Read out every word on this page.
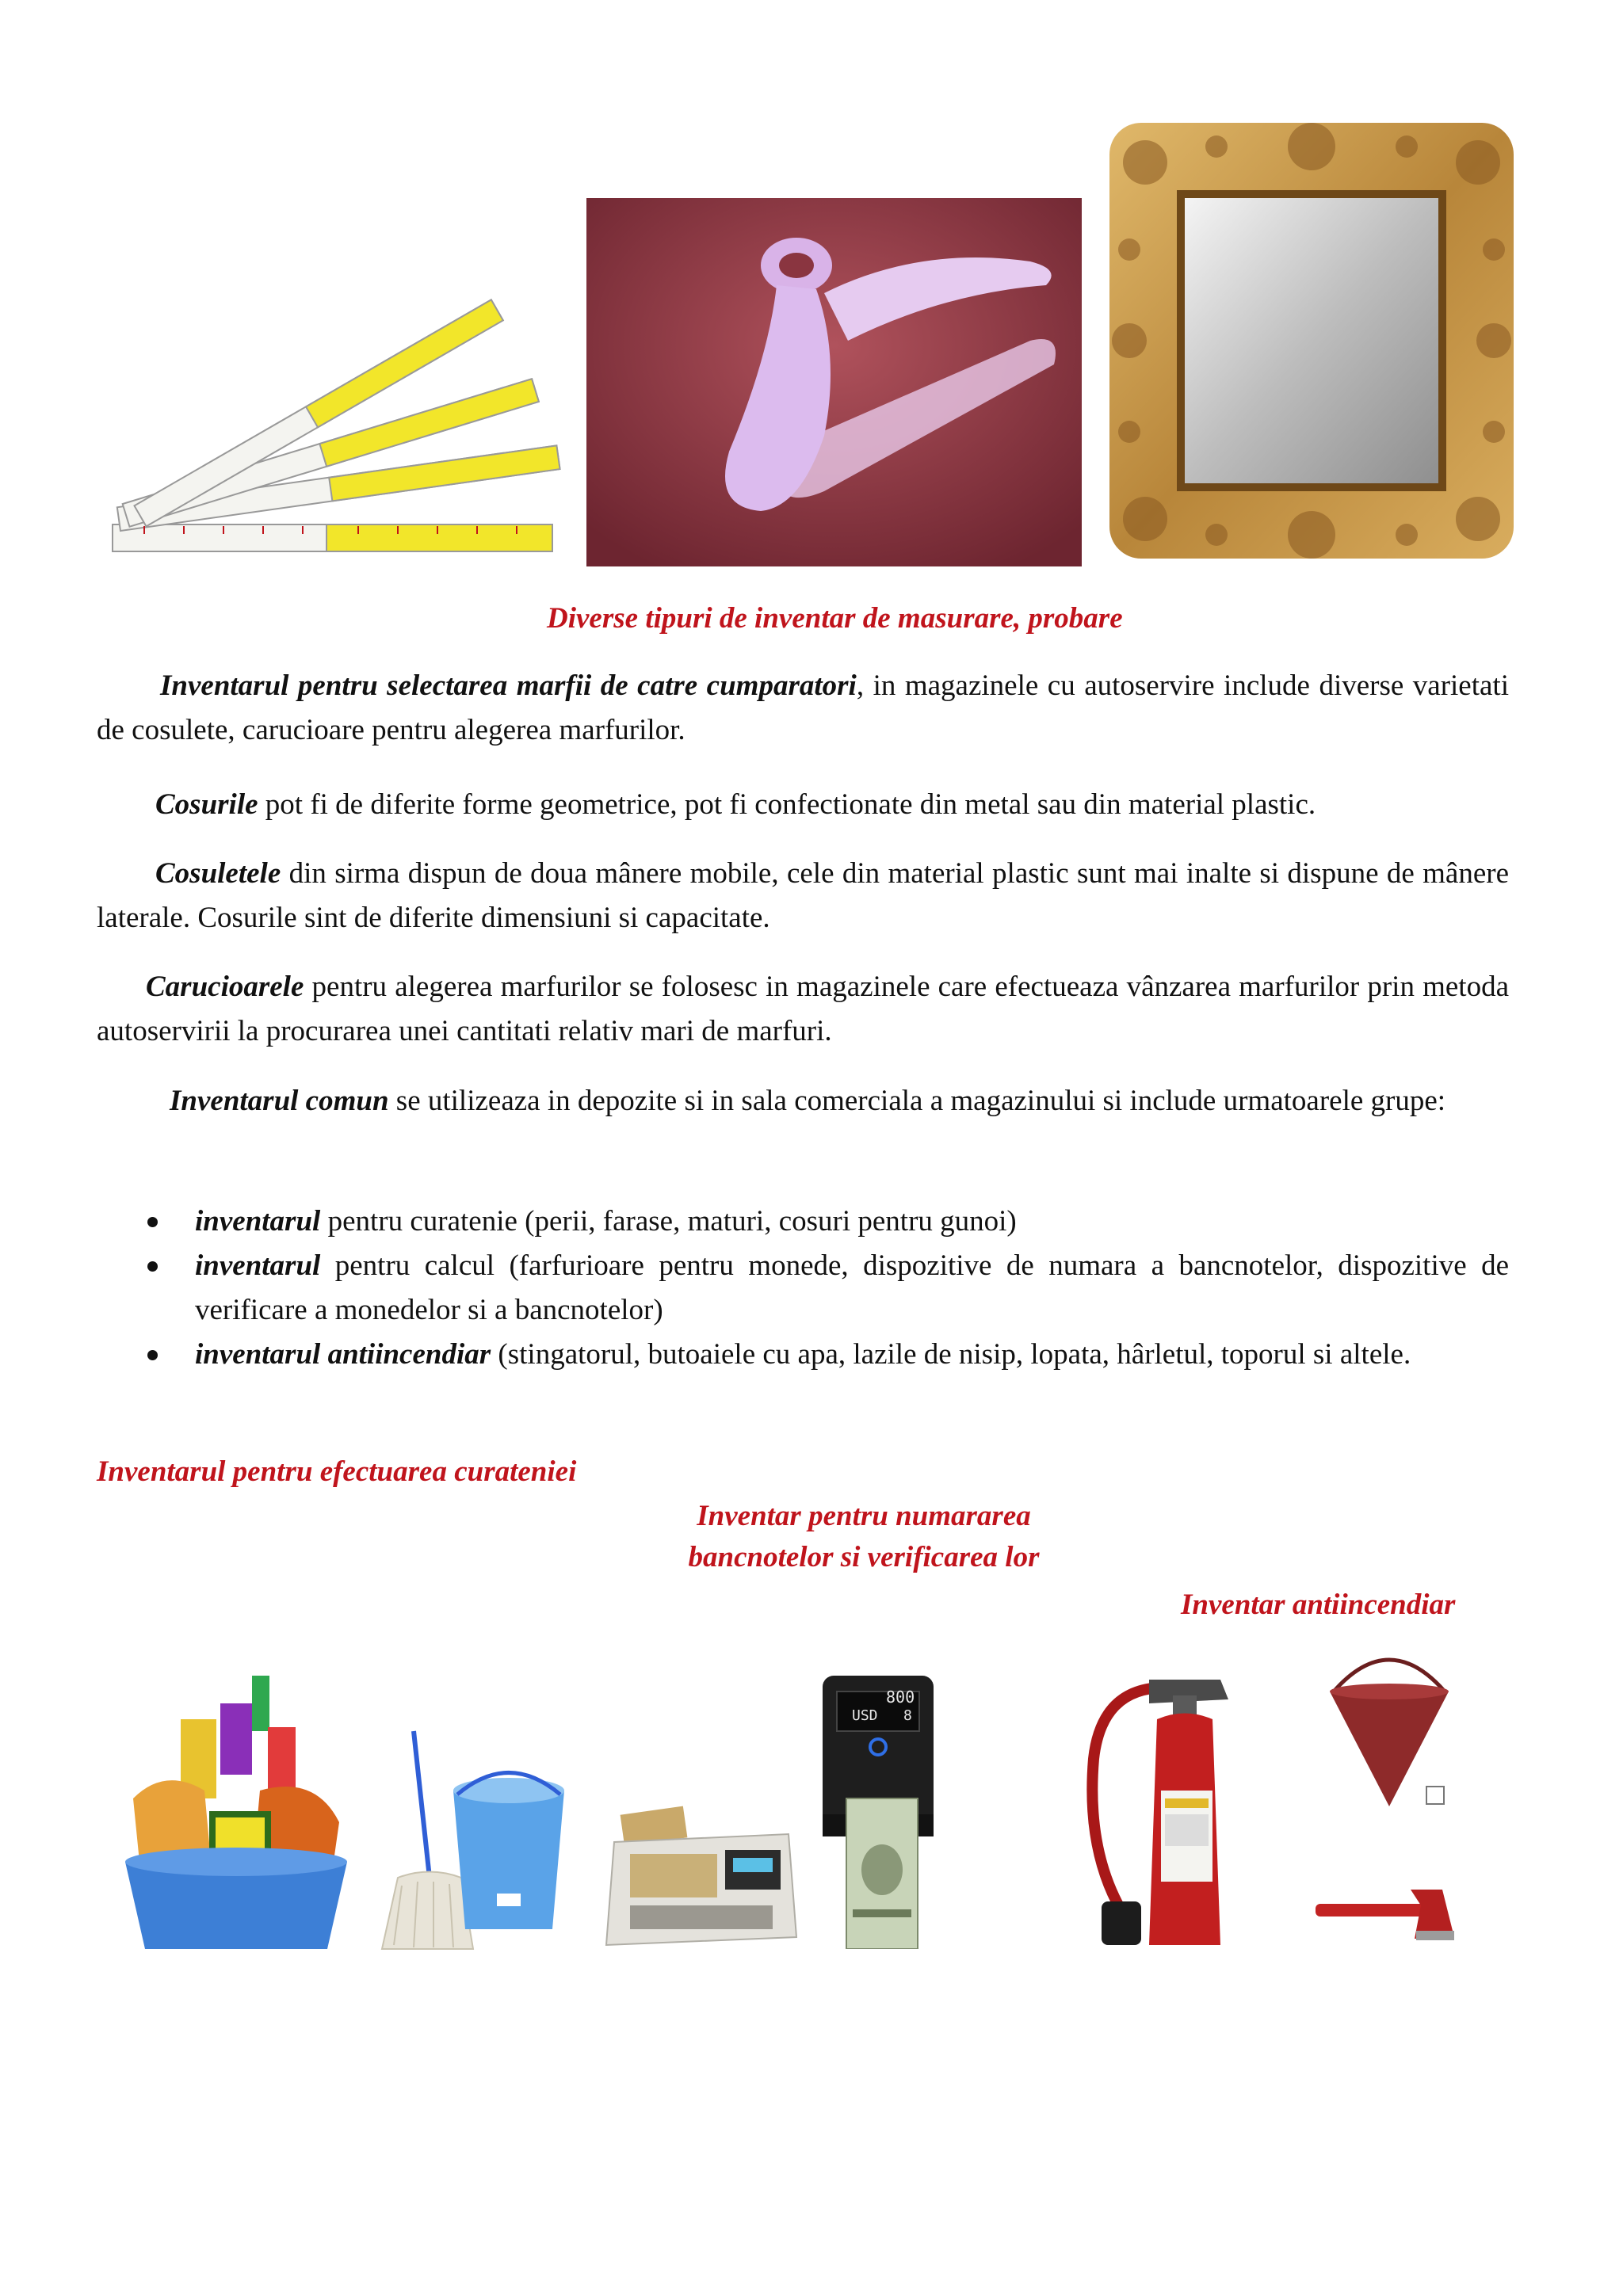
Diverse tipuri de inventar de masurare, probare

Inventarul pentru selectarea marfii de catre cumparatori, in magazinele cu autoservire include diverse varietati de cosulete, carucioare pentru alegerea marfurilor.

Cosurile pot fi de diferite forme geometrice, pot fi confectionate din metal sau din material plastic.

Cosuletele din sirma dispun de doua mânere mobile, cele din material plastic sunt mai inalte si dispune de mânere laterale. Cosurile sint de diferite dimensiuni si capacitate.

Carucioarele pentru alegerea marfurilor se folosesc in magazinele care efectueaza vânzarea marfurilor prin metoda autoservirii la procurarea unei cantitati relativ mari de marfuri.

Inventarul comun se utilizeaza in depozite si in sala comerciala a magazinului si include urmatoarele grupe:

inventarul pentru curatenie (perii, farase, maturi, cosuri pentru gunoi)
inventarul pentru calcul (farfurioare pentru monede, dispozitive de numara a bancnotelor, dispozitive de verificare a monedelor si a bancnotelor)
inventarul antiincendiar (stingatorul, butoaiele cu apa, lazile de nisip, lopata, hârletul, toporul si altele.
Inventarul pentru efectuarea curateniei
Inventar pentru numararea
bancnotelor si verificarea lor
Inventar antiincendiar
800
USD 8
